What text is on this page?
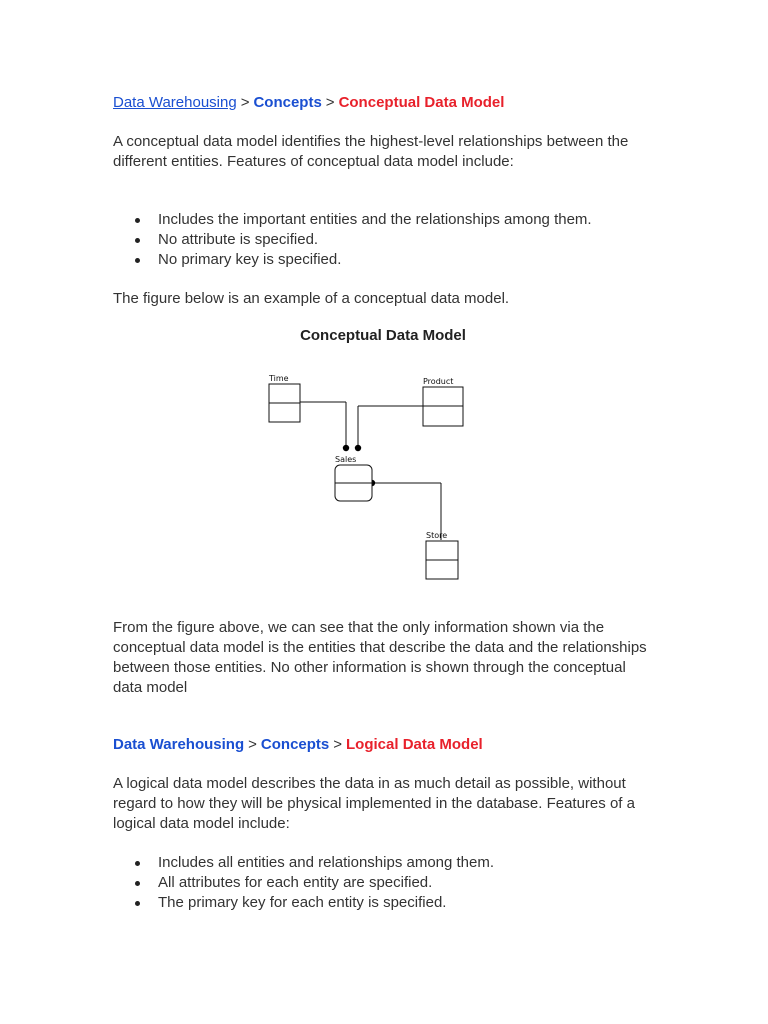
Data Warehousing > Concepts > Conceptual Data Model

A conceptual data model identifies the highest-level relationships between the different entities. Features of conceptual data model include:

Includes the important entities and the relationships among them.
No attribute is specified.
No primary key is specified.

The figure below is an example of a conceptual data model.

Conceptual Data Model
Time	Product
Sales
Store

From the figure above, we can see that the only information shown via the conceptual data model is the entities that describe the data and the relationships between those entities. No other information is shown through the conceptual data model

Data Warehousing > Concepts > Logical Data Model

A logical data model describes the data in as much detail as possible, without regard to how they will be physical implemented in the database. Features of a logical data model include:

Includes all entities and relationships among them.
All attributes for each entity are specified.
The primary key for each entity is specified.
